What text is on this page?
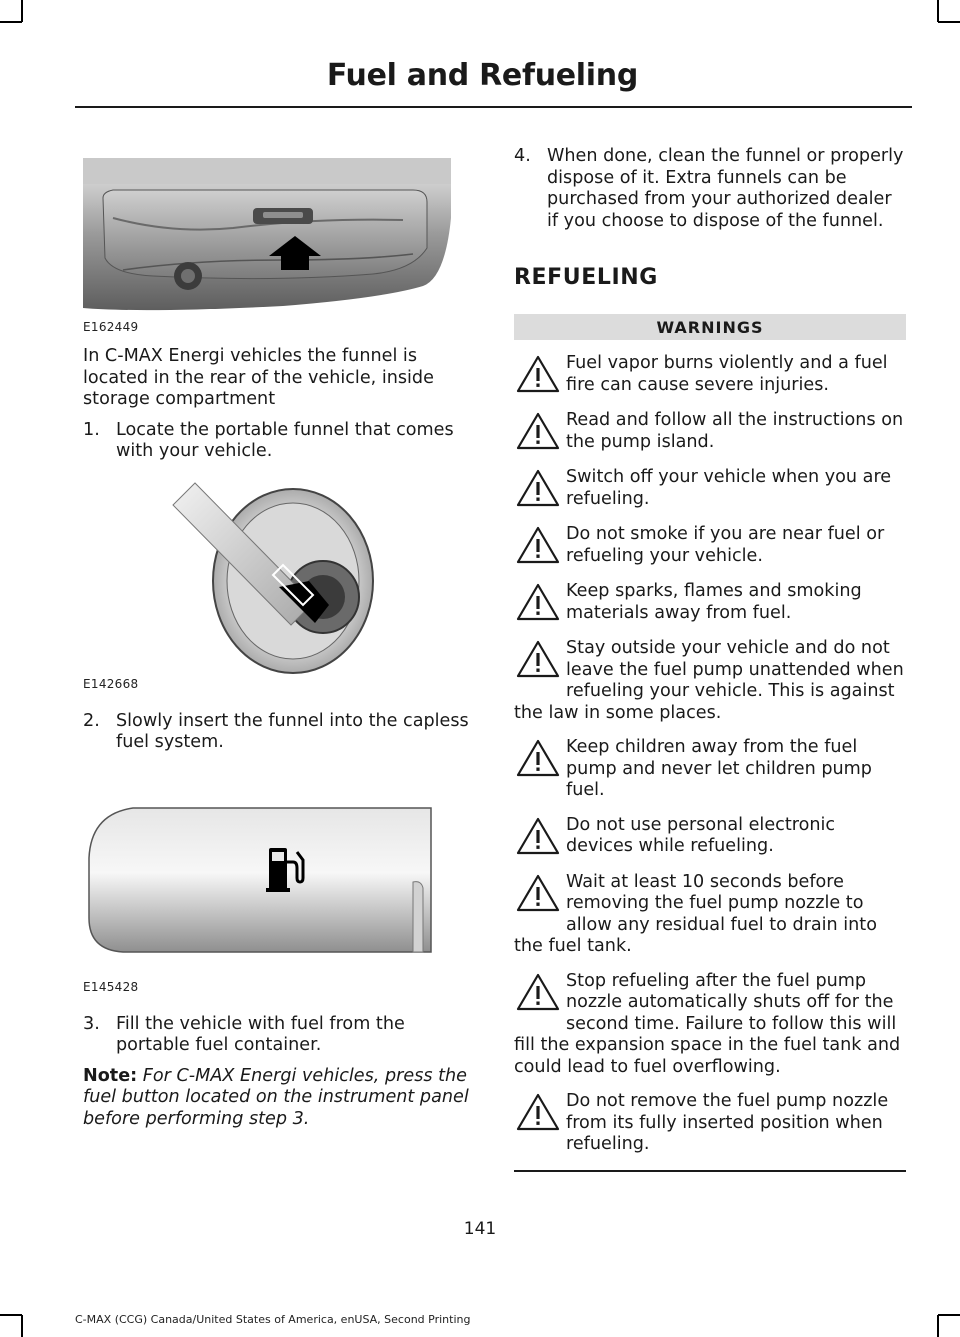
Fuel and Refueling
E162449

In C-MAX Energi vehicles the funnel is located in the rear of the vehicle, inside storage compartment

1. Locate the portable funnel that comes with your vehicle.

E142668

2. Slowly insert the funnel into the capless fuel system.

E145428

3. Fill the vehicle with fuel from the portable fuel container.

Note: For C-MAX Energi vehicles, press the fuel button located on the instrument panel before performing step 3.

4. When done, clean the funnel or properly dispose of it. Extra funnels can be purchased from your authorized dealer if you choose to dispose of the funnel.

REFUELING
WARNINGS
Fuel vapor burns violently and a fuel fire can cause severe injuries.
Read and follow all the instructions on the pump island.
Switch off your vehicle when you are refueling.
Do not smoke if you are near fuel or refueling your vehicle.
Keep sparks, flames and smoking materials away from fuel.
Stay outside your vehicle and do not leave the fuel pump unattended when refueling your vehicle. This is against the law in some places.
Keep children away from the fuel pump and never let children pump fuel.
Do not use personal electronic devices while refueling.
Wait at least 10 seconds before removing the fuel pump nozzle to allow any residual fuel to drain into the fuel tank.
Stop refueling after the fuel pump nozzle automatically shuts off for the second time. Failure to follow this will fill the expansion space in the fuel tank and could lead to fuel overflowing.
Do not remove the fuel pump nozzle from its fully inserted position when refueling.
141
C-MAX (CCG) Canada/United States of America, enUSA, Second Printing
